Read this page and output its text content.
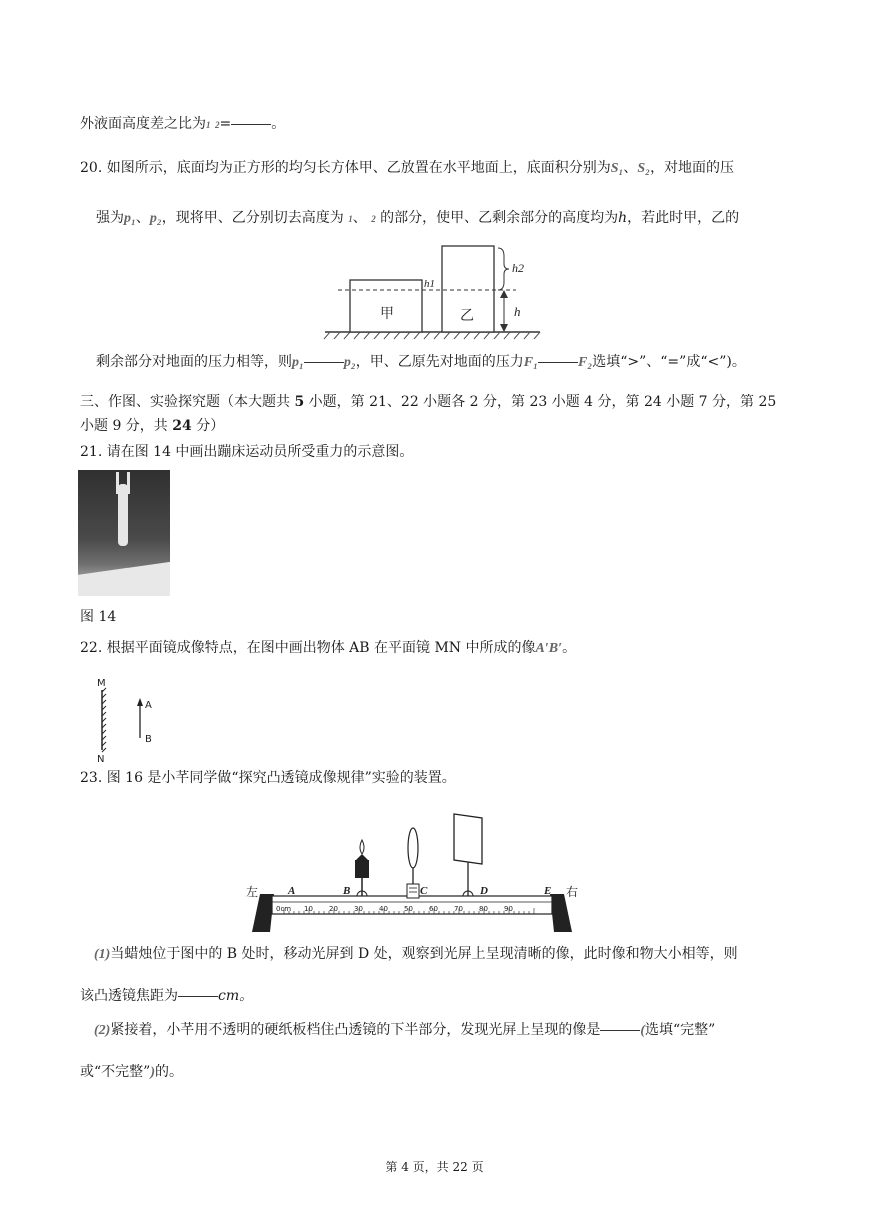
外液面高度差之比为1 2=	。
20. 如图所示，底面均为正方形的均匀长方体甲、乙放置在水平地面上，底面积分别为S₁、S₂，对地面的压
强为p₁、p₂，现将甲、乙分别切去高度为 1、 2 的部分，使甲、乙剩余部分的高度均为h，若此时甲，乙的
甲	乙
h1
h2
h
剩余部分对地面的压力相等，则p₁	p₂，甲、乙原先对地面的压力F₁	F₂选填“>”、“=”成“<”)。
三、作图、实验探究题（本大题共 5 小题，第 21、22 小题各 2 分，第 23 小题 4 分，第 24 小题 7 分，第 25
小题 9 分，共 24 分）
21. 请在图 14 中画出蹦床运动员所受重力的示意图。
图 14
22. 根据平面镜成像特点，在图中画出物体 AB 在平面镜 MN 中所成的像A′B′。
M
N
A
B
23. 图 16 是小芊同学做“探究凸透镜成像规律”实验的装置。
左	右
0cm 10 20 30 40 50 60 70 80 90
A	B	C	D	E
(1)当蜡烛位于图中的 B 处时，移动光屏到 D 处，观察到光屏上呈现清晰的像，此时像和物大小相等，则
该凸透镜焦距为	cm。
(2)紧接着，小芊用不透明的硬纸板档住凸透镜的下半部分，发现光屏上呈现的像是	(选填“完整”
或“不完整”)的。
第 4 页，共 22 页
